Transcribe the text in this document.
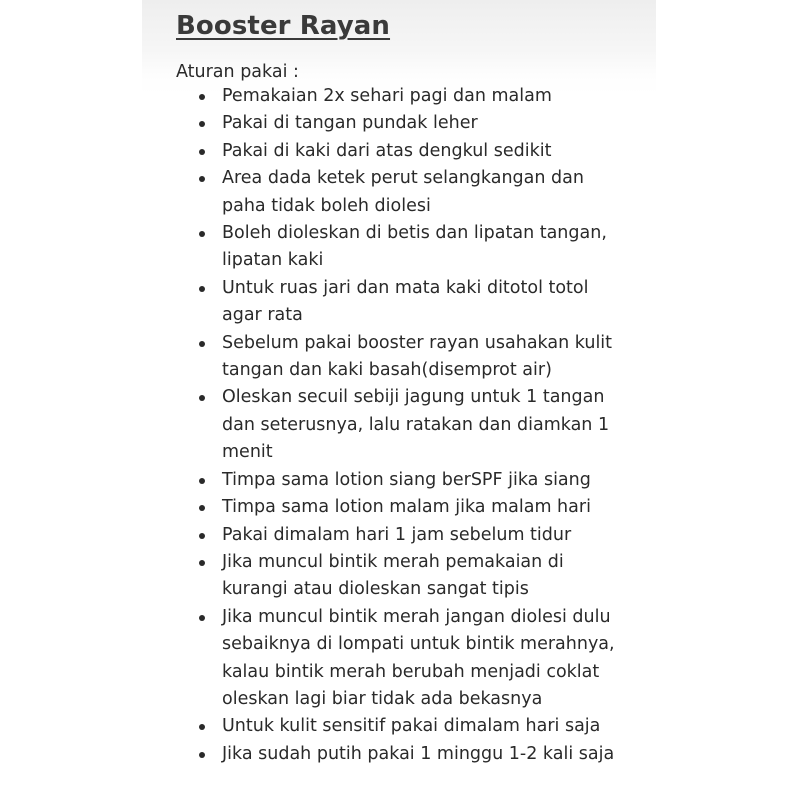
Booster Rayan

Aturan pakai :

Pemakaian 2x sehari pagi dan malam
Pakai di tangan pundak leher
Pakai di kaki dari atas dengkul sedikit
Area dada ketek perut selangkangan dan
paha tidak boleh diolesi
Boleh dioleskan di betis dan lipatan tangan,
lipatan kaki
Untuk ruas jari dan mata kaki ditotol totol
agar rata
Sebelum pakai booster rayan usahakan kulit
tangan dan kaki basah(disemprot air)
Oleskan secuil sebiji jagung untuk 1 tangan
dan seterusnya, lalu ratakan dan diamkan 1
menit
Timpa sama lotion siang berSPF jika siang
Timpa sama lotion malam jika malam hari
Pakai dimalam hari 1 jam sebelum tidur
Jika muncul bintik merah pemakaian di
kurangi atau dioleskan sangat tipis
Jika muncul bintik merah jangan diolesi dulu
sebaiknya di lompati untuk bintik merahnya,
kalau bintik merah berubah menjadi coklat
oleskan lagi biar tidak ada bekasnya
Untuk kulit sensitif pakai dimalam hari saja
Jika sudah putih pakai 1 minggu 1-2 kali saja
